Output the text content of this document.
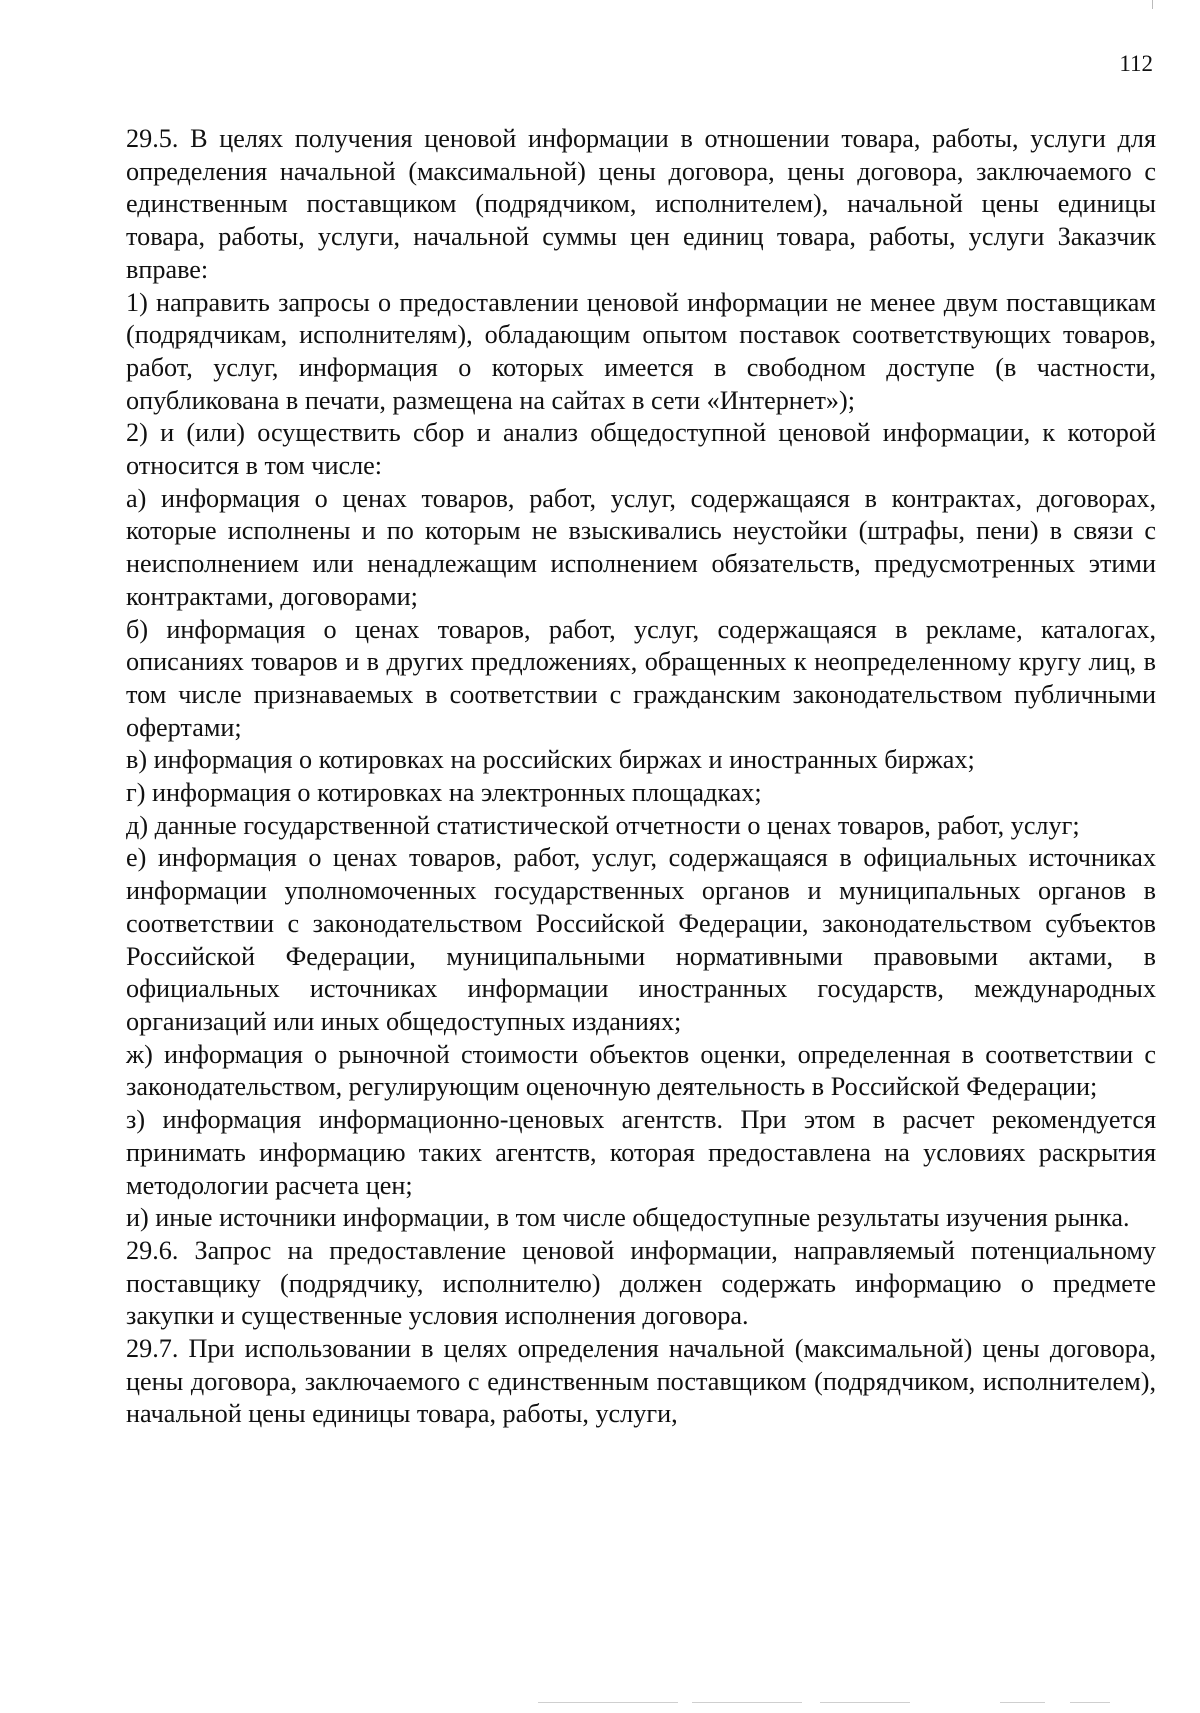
112

29.5. В целях получения ценовой информации в отношении товара, работы, услуги для определения начальной (максимальной) цены договора, цены договора, заключаемого с единственным поставщиком (подрядчиком, исполнителем), начальной цены единицы товара, работы, услуги, начальной суммы цен единиц товара, работы, услуги Заказчик вправе:

1) направить запросы о предоставлении ценовой информации не менее двум поставщикам (подрядчикам, исполнителям), обладающим опытом поставок соответствующих товаров, работ, услуг, информация о которых имеется в свободном доступе (в частности, опубликована в печати, размещена на сайтах в сети «Интернет»);

2) и (или) осуществить сбор и анализ общедоступной ценовой информации, к которой относится в том числе:

а) информация о ценах товаров, работ, услуг, содержащаяся в контрактах, договорах, которые исполнены и по которым не взыскивались неустойки (штрафы, пени) в связи с неисполнением или ненадлежащим исполнением обязательств, предусмотренных этими контрактами, договорами;

б) информация о ценах товаров, работ, услуг, содержащаяся в рекламе, каталогах, описаниях товаров и в других предложениях, обращенных к неопределенному кругу лиц, в том числе признаваемых в соответствии с гражданским законодательством публичными офертами;

в) информация о котировках на российских биржах и иностранных биржах;

г) информация о котировках на электронных площадках;

д) данные государственной статистической отчетности о ценах товаров, работ, услуг;

е) информация о ценах товаров, работ, услуг, содержащаяся в официальных источниках информации уполномоченных государственных органов и муниципальных органов в соответствии с законодательством Российской Федерации, законодательством субъектов Российской Федерации, муниципальными нормативными правовыми актами, в официальных источниках информации иностранных государств, международных организаций или иных общедоступных изданиях;

ж) информация о рыночной стоимости объектов оценки, определенная в соответствии с законодательством, регулирующим оценочную деятельность в Российской Федерации;

з) информация информационно-ценовых агентств. При этом в расчет рекомендуется принимать информацию таких агентств, которая предоставлена на условиях раскрытия методологии расчета цен;

и) иные источники информации, в том числе общедоступные результаты изучения рынка.

29.6. Запрос на предоставление ценовой информации, направляемый потенциальному поставщику (подрядчику, исполнителю) должен содержать информацию о предмете закупки и существенные условия исполнения договора.

29.7. При использовании в целях определения начальной (максимальной) цены договора, цены договора, заключаемого с единственным поставщиком (подрядчиком, исполнителем), начальной цены единицы товара, работы, услуги,
